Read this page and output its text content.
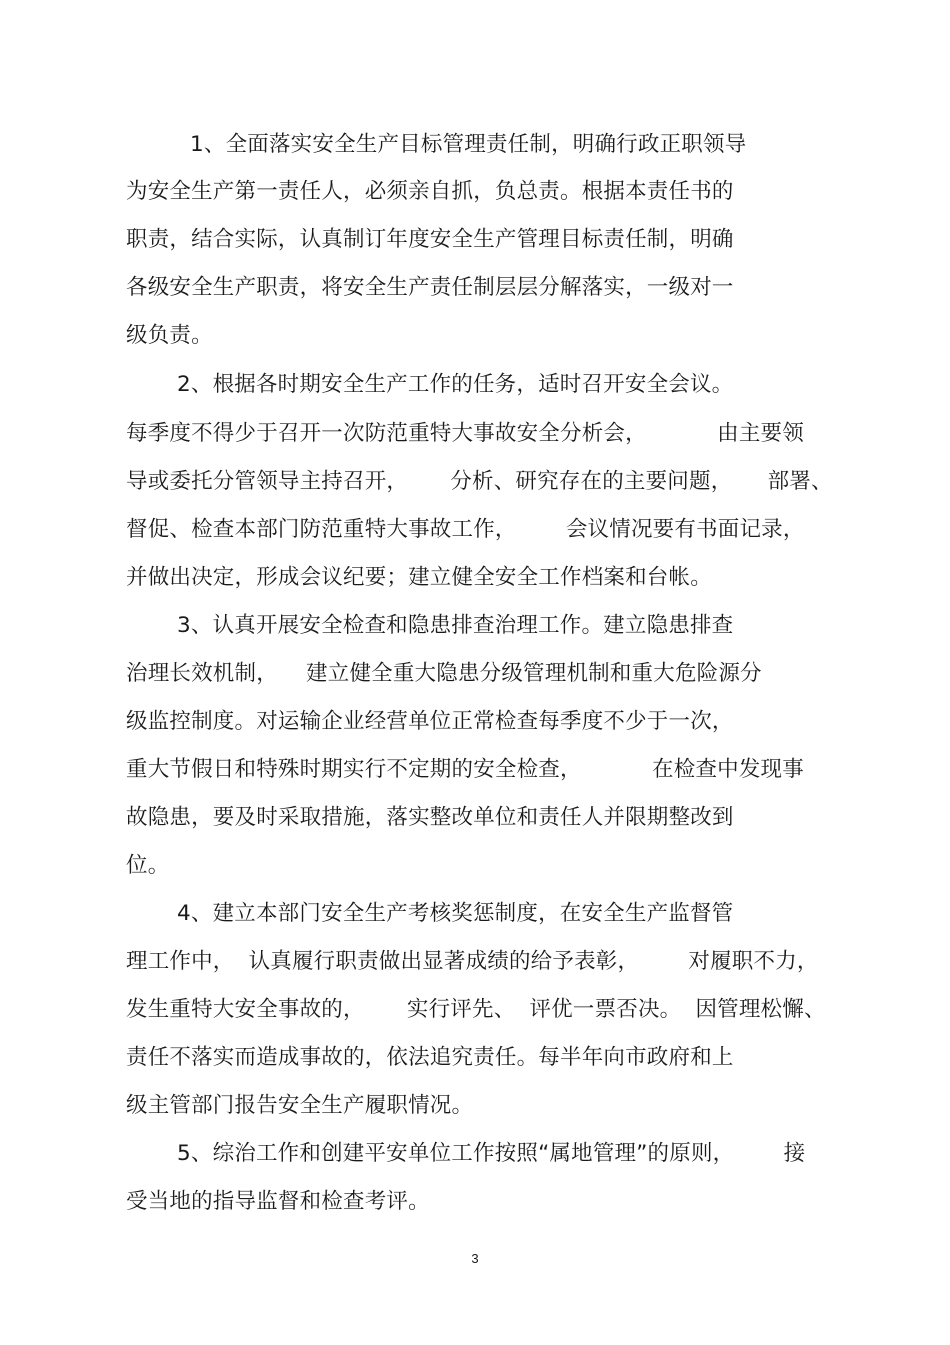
1、全面落实安全生产目标管理责任制，明确行政正职领导
为安全生产第一责任人，必须亲自抓，负总责。根据本责任书的
职责，结合实际，认真制订年度安全生产管理目标责任制，明确
各级安全生产职责，将安全生产责任制层层分解落实，一级对一
级负责。
2、根据各时期安全生产工作的任务，适时召开安全会议。
每季度不得少于召开一次防范重特大事故安全分析会，          由主要领
导或委托分管领导主持召开，      分析、研究存在的主要问题，     部署、
督促、检查本部门防范重特大事故工作，       会议情况要有书面记录，
并做出决定，形成会议纪要；建立健全安全工作档案和台帐。
3、认真开展安全检查和隐患排查治理工作。建立隐患排查
治理长效机制，    建立健全重大隐患分级管理机制和重大危险源分
级监控制度。对运输企业经营单位正常检查每季度不少于一次，
重大节假日和特殊时期实行不定期的安全检查，          在检查中发现事
故隐患，要及时采取措施，落实整改单位和责任人并限期整改到
位。
4、建立本部门安全生产考核奖惩制度，在安全生产监督管
理工作中，  认真履行职责做出显著成绩的给予表彰，       对履职不力，
发生重特大安全事故的，      实行评先、  评优一票否决。  因管理松懈、
责任不落实而造成事故的，依法追究责任。每半年向市政府和上
级主管部门报告安全生产履职情况。
5、综治工作和创建平安单位工作按照“属地管理”的原则，       接
受当地的指导监督和检查考评。
3
